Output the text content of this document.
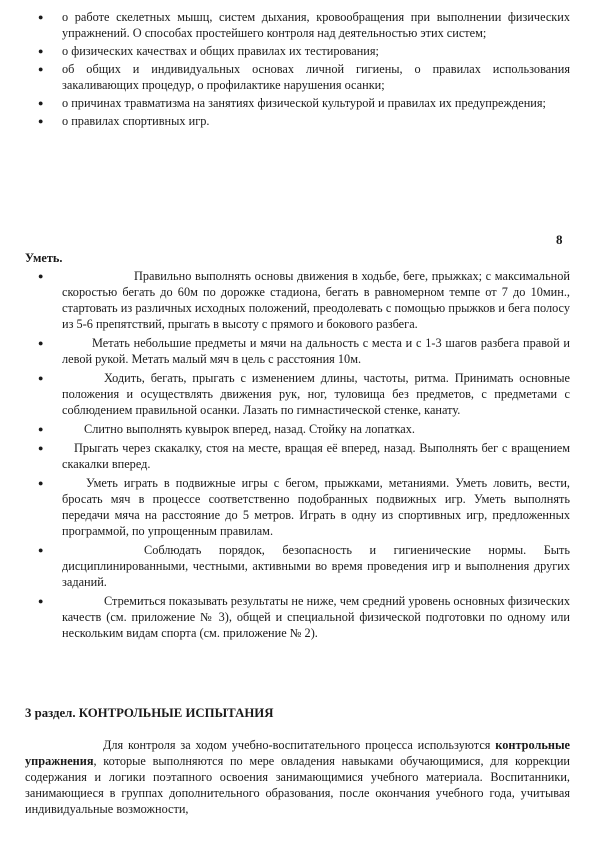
● о работе скелетных мышц, систем дыхания, кровообращения при выполнении физических упражнений. О способах простейшего контроля над деятельностью этих систем;
● о физических качествах и общих правилах их тестирования;
● об общих и индивидуальных основах личной гигиены, о правилах использования закаливающих процедур, о профилактике нарушения осанки;
● о причинах травматизма на занятиях физической культурой и правилах их предупреждения;
● о правилах спортивных игр.
8
Уметь.
●	Правильно выполнять основы движения в ходьбе, беге, прыжках; с максимальной скоростью бегать до 60м по дорожке стадиона, бегать в равномерном темпе от 7 до 10мин., стартовать из различных исходных положений, преодолевать с помощью прыжков и бега полосу из 5-6 препятствий, прыгать в высоту с прямого и бокового разбега.
●	Метать небольшие предметы и мячи на дальность с места и с 1-3 шагов разбега правой и левой рукой. Метать малый мяч в цель с расстояния 10м.
●	Ходить, бегать, прыгать с изменением длины, частоты, ритма. Принимать основные положения и осуществлять движения рук, ног, туловища без предметов, с предметами с соблюдением правильной осанки. Лазать по гимнастической стенке, канату.
●	Слитно выполнять кувырок вперед, назад. Стойку на лопатках.
● Прыгать через скакалку, стоя на месте, вращая её вперед, назад. Выполнять бег с вращением скакалки вперед.
●	Уметь играть в подвижные игры с бегом, прыжками, метаниями. Уметь ловить, вести, бросать мяч в процессе соответственно подобранных подвижных игр. Уметь выполнять передачи мяча на расстояние до 5 метров. Играть в одну из спортивных игр, предложенных программой, по упрощенным правилам.
●	Соблюдать порядок, безопасность и гигиенические нормы. Быть дисциплинированными, честными, активными во время проведения игр и выполнения других заданий.
●	Стремиться показывать результаты не ниже, чем средний уровень основных физических качеств (см. приложение № 3), общей и специальной физической подготовки по одному или нескольким видам спорта (см. приложение № 2).
3 раздел. КОНТРОЛЬНЫЕ ИСПЫТАНИЯ
Для контроля за ходом учебно-воспитательного процесса используются контрольные упражнения, которые выполняются по мере овладения навыками обучающимися, для коррекции содержания и логики поэтапного освоения занимающимися учебного материала. Воспитанники, занимающиеся в группах дополнительного образования, после окончания учебного года, учитывая индивидуальные возможности,
